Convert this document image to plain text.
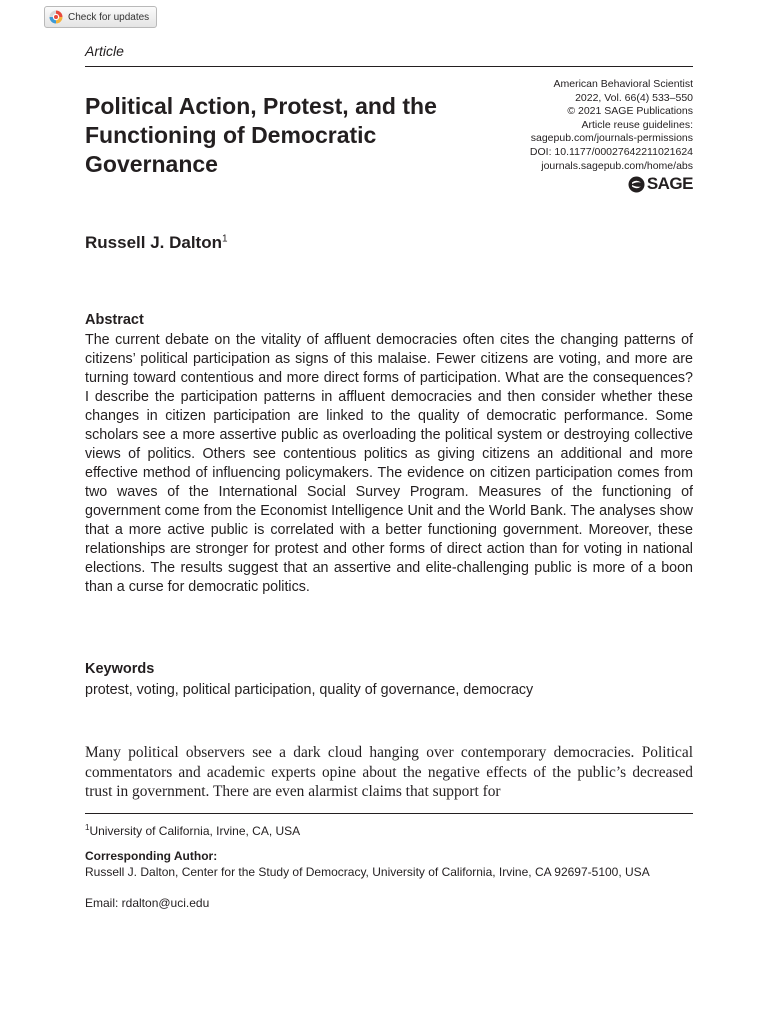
Check for updates
Article
Political Action, Protest, and the Functioning of Democratic Governance
American Behavioral Scientist
2022, Vol. 66(4) 533–550
© 2021 SAGE Publications
Article reuse guidelines:
sagepub.com/journals-permissions
DOI: 10.1177/00027642211021624
journals.sagepub.com/home/abs
SAGE
Russell J. Dalton$^1$
Abstract

The current debate on the vitality of affluent democracies often cites the changing patterns of citizens’ political participation as signs of this malaise. Fewer citizens are voting, and more are turning toward contentious and more direct forms of participation. What are the consequences? I describe the participation patterns in affluent democracies and then consider whether these changes in citizen participation are linked to the quality of democratic performance. Some scholars see a more assertive public as overloading the political system or destroying collective views of politics. Others see contentious politics as giving citizens an additional and more effective method of influencing policymakers. The evidence on citizen participation comes from two waves of the International Social Survey Program. Measures of the functioning of government come from the Economist Intelligence Unit and the World Bank. The analyses show that a more active public is correlated with a better functioning government. Moreover, these relationships are stronger for protest and other forms of direct action than for voting in national elections. The results suggest that an assertive and elite-challenging public is more of a boon than a curse for democratic politics.

Keywords

protest, voting, political participation, quality of governance, democracy

Many political observers see a dark cloud hanging over contemporary democracies. Political commentators and academic experts opine about the negative effects of the public’s decreased trust in government. There are even alarmist claims that support for

$^1$University of California, Irvine, CA, USA
Corresponding Author:
Russell J. Dalton, Center for the Study of Democracy, University of California, Irvine, CA 92697-5100, USA
Email: rdalton@uci.edu
